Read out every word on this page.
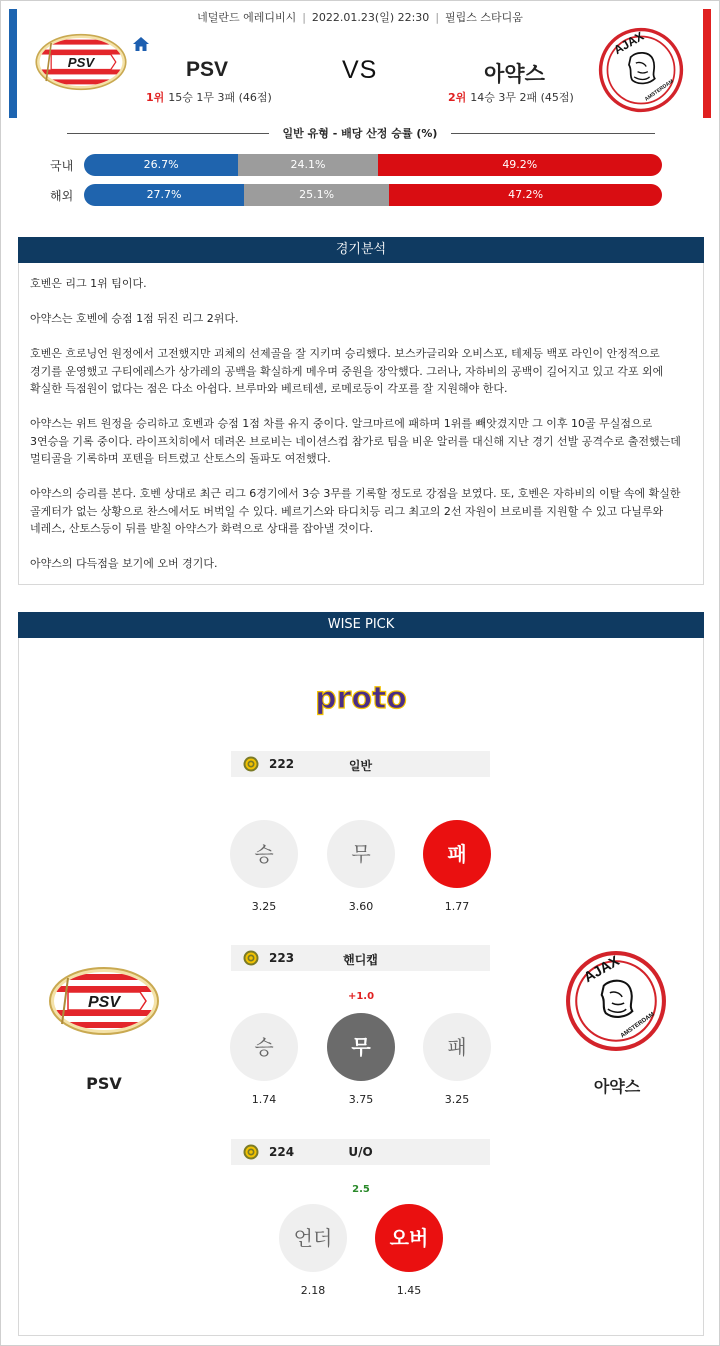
네덜란드 에레디비시 | 2022.01.23(일) 22:30 | 필립스 스타디움
PSV
AJAX
AMSTERDAM
PSV	VS	아약스
1위 15승 1무 3패 (46점)	2위 14승 3무 2패 (45점)
일반 유형 - 배당 산정 승률 (%)
국내	26.7%	24.1%	49.2%
해외	27.7%	25.1%	47.2%
경기분석

호벤은 리그 1위 팀이다.

아약스는 호벤에 승점 1점 뒤진 리그 2위다.

호벤은 흐로닝언 원정에서 고전했지만 괴체의 선제골을 잘 지키며 승리했다. 보스카글리와 오비스포, 테제등 백포 라인이 안정적으로 경기를 운영했고 구티에레스가 상가레의 공백을 확실하게 메우며 중원을 장악했다. 그러나, 자하비의 공백이 길어지고 있고 각포 외에 확실한 득점원이 없다는 점은 다소 아쉽다. 브루마와 베르테센, 로메로등이 각포를 잘 지원해야 한다.

아약스는 위트 원정을 승리하고 호벤과 승점 1점 차를 유지 중이다. 알크마르에 패하며 1위를 빼앗겼지만 그 이후 10골 무실점으로 3연승을 기록 중이다. 라이프치히에서 데려온 브로비는 네이션스컵 참가로 팀을 비운 알러를 대신해 지난 경기 선발 공격수로 출전했는데 멀티골을 기록하며 포텐을 터트렸고 산토스의 돌파도 여전했다.

아약스의 승리를 본다. 호벤 상대로 최근 리그 6경기에서 3승 3무를 기록할 정도로 강점을 보였다. 또, 호벤은 자하비의 이탈 속에 확실한 골게터가 없는 상황으로 찬스에서도 버벅일 수 있다. 베르기스와 타디치등 리그 최고의 2선 자원이 브로비를 지원할 수 있고 다닐루와 네레스, 산토스등이 뒤를 받칠 아약스가 화력으로 상대를 잡아낼 것이다.

아약스의 다득점을 보기에 오버 경기다.

WISE PICK
proto
222	일반
승	무	패
3.25	3.60	1.77
223	핸디캡
+1.0
승	무	패
1.74	3.75	3.25
224	U/O
2.5
언더	오버
2.18	1.45
PSV
PSV
AJAX
AMSTERDAM
아약스
